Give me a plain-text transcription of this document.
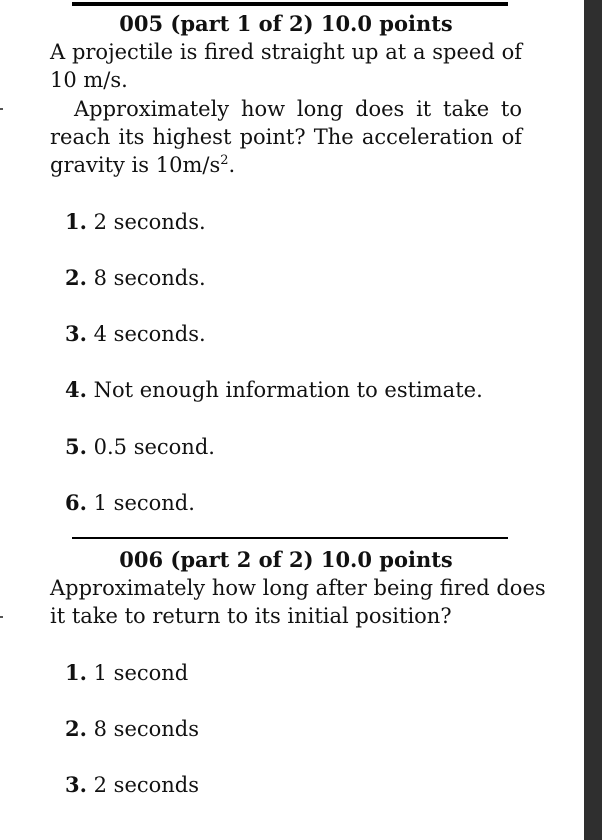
005 (part 1 of 2) 10.0 points
A projectile is fired straight up at a speed of
10 m/s.
Approximately how long does it take to
reach its highest point? The acceleration of
gravity is $10m/s^2$.
1. 2 seconds.
2. 8 seconds.
3. 4 seconds.
4. Not enough information to estimate.
5. 0.5 second.
6. 1 second.
006 (part 2 of 2) 10.0 points
Approximately how long after being fired does
it take to return to its initial position?
1. 1 second
2. 8 seconds
3. 2 seconds
